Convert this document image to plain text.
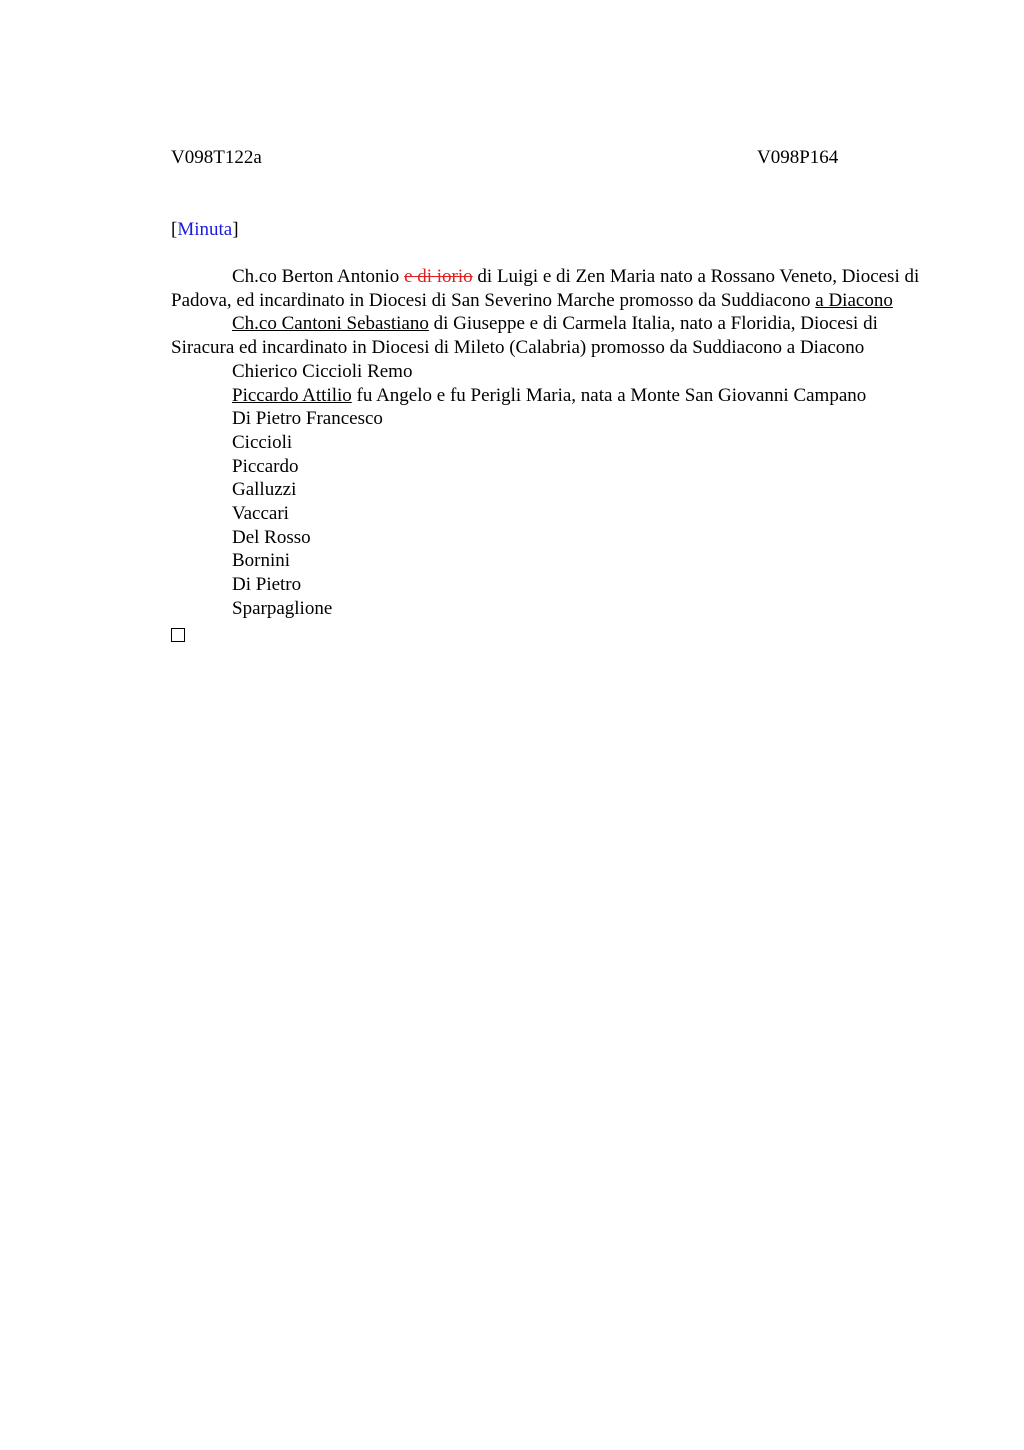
V098T122a	V098P164
[Minuta]

Ch.co Berton Antonio e di iorio di Luigi e di Zen Maria nato a Rossano Veneto, Diocesi di Padova, ed incardinato in Diocesi di San Severino Marche promosso da Suddiacono a Diacono

Ch.co Cantoni Sebastiano di Giuseppe e di Carmela Italia, nato a Floridia, Diocesi di Siracura ed incardinato in Diocesi di Mileto (Calabria) promosso da Suddiacono a Diacono

Chierico Ciccioli Remo

Piccardo Attilio fu Angelo e fu Perigli Maria, nata a Monte San Giovanni Campano

Di Pietro Francesco

Ciccioli

Piccardo

Galluzzi

Vaccari

Del Rosso

Bornini

Di Pietro

Sparpaglione
